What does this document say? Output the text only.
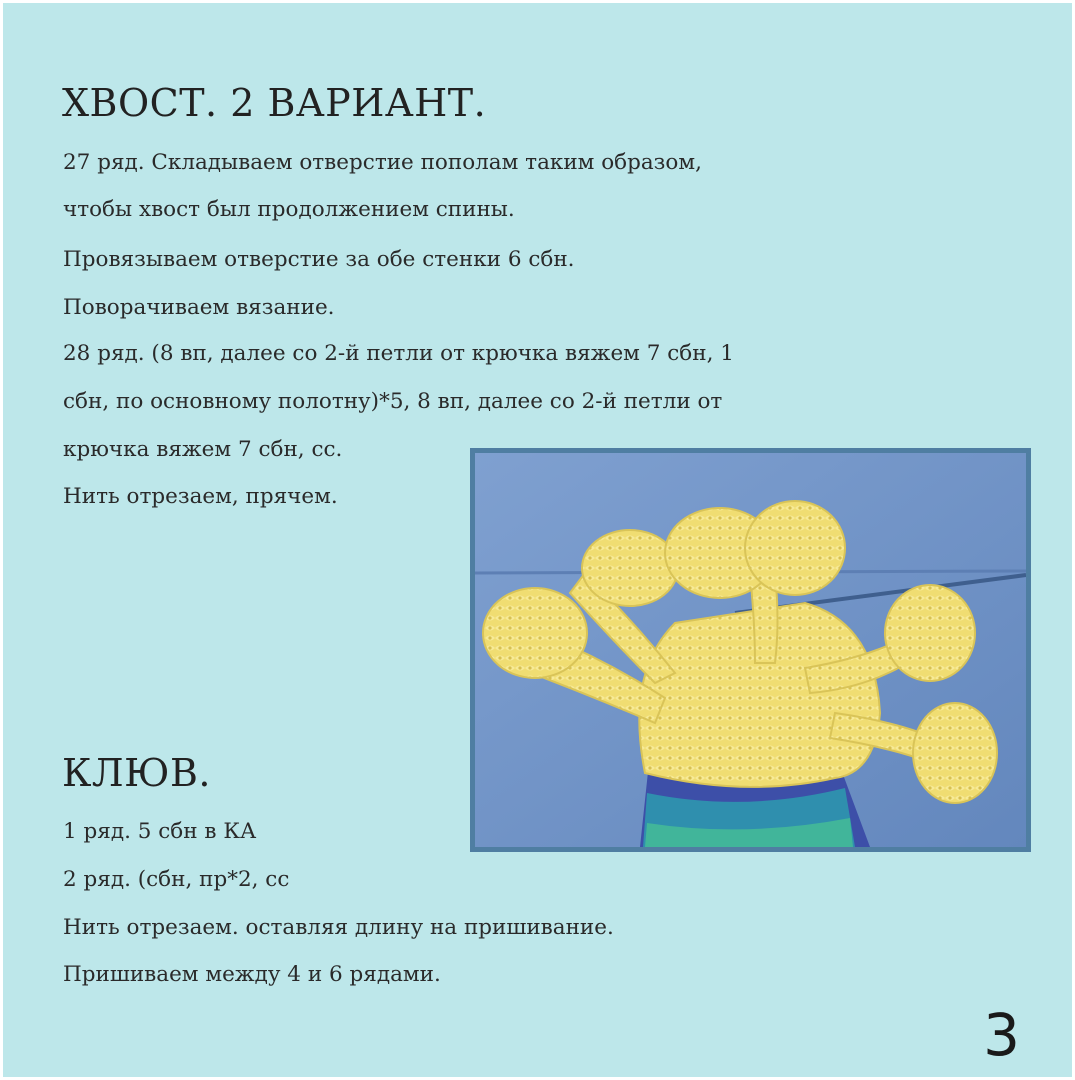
ХВОСТ. 2 ВАРИАНТ.

27 ряд. Складываем отверстие пополам таким образом,

чтобы хвост был продолжением спины.

Провязываем отверстие за обе стенки 6 сбн.

Поворачиваем вязание.

28 ряд. (8 вп, далее со 2-й петли от крючка вяжем 7 сбн, 1

сбн, по основному полотну)*5, 8 вп, далее со 2-й петли от

крючка вяжем 7 сбн, сс.

Нить отрезаем, прячем.

КЛЮВ.

1 ряд. 5 сбн в КА

2 ряд. (сбн, пр*2, сс

Нить отрезаем. оставляя длину на пришивание.

Пришиваем между 4 и 6 рядами.

3
